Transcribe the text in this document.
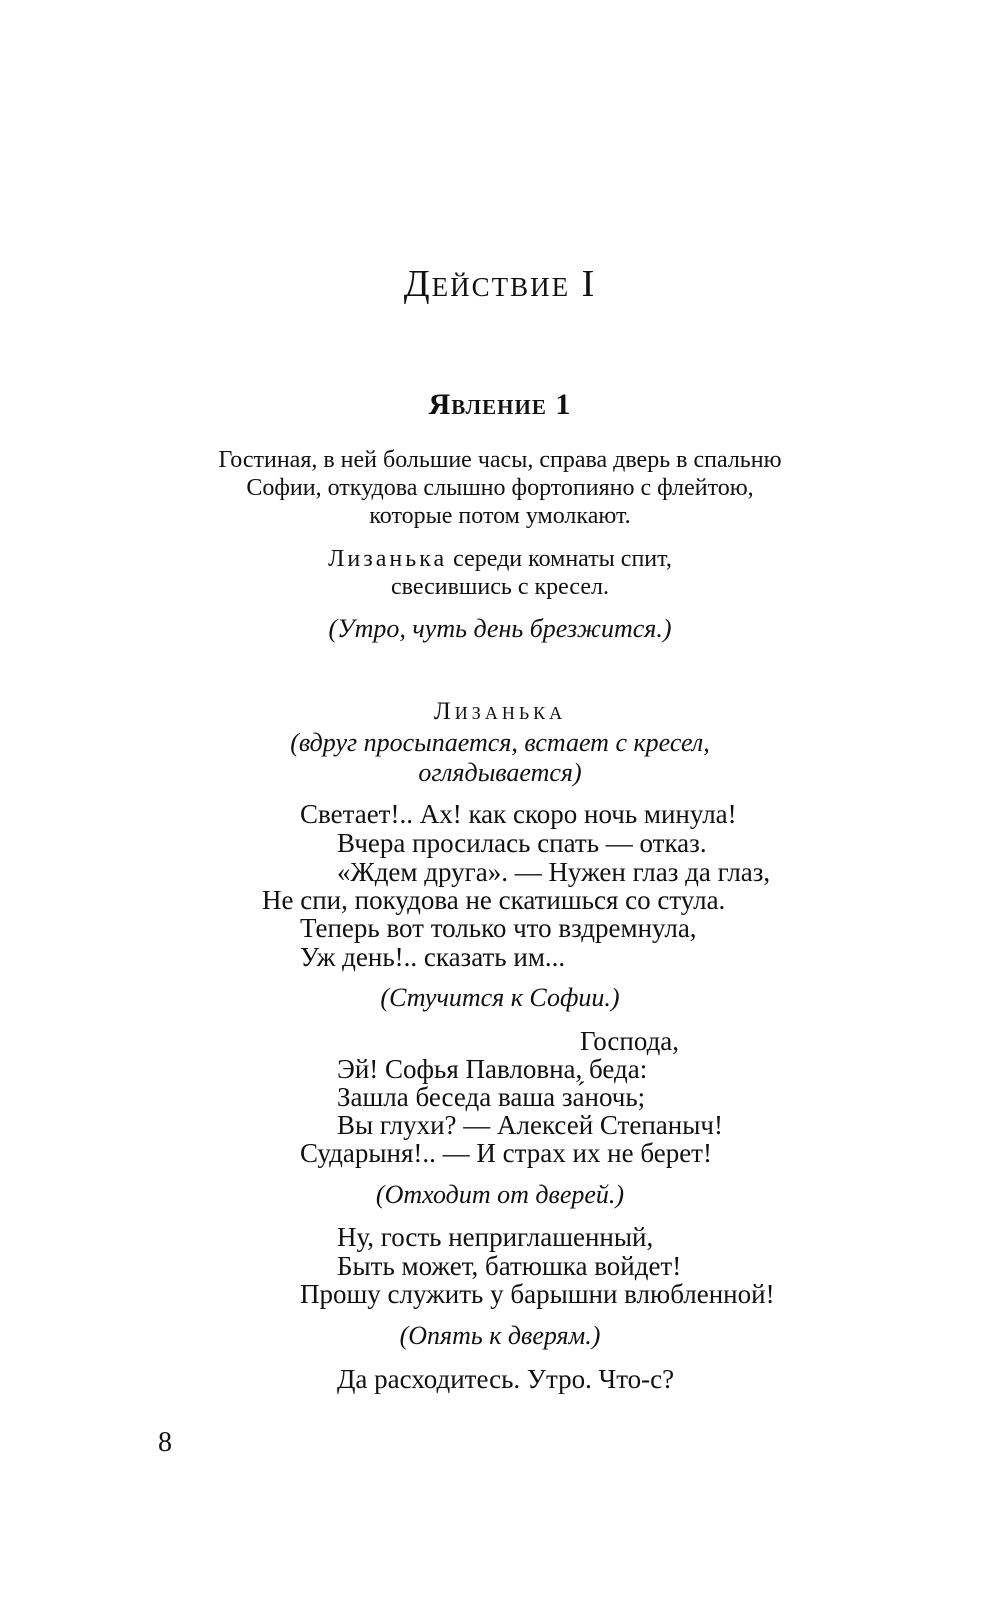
Действие I
Явление 1
Гостиная, в ней большие часы, справа дверь в спальню
Софии, откудова слышно фортопияно с флейтою,
которые потом умолкают.
Лизанька середи комнаты спит,
свесившись с кресел.
(Утро, чуть день брезжится.)
Лизанька
(вдруг просыпается, встает с кресел,
оглядывается)
Светает!.. Ах! как скоро ночь минула!
Вчера просилась спать — отказ.
«Ждем друга». — Нужен глаз да глаз,
Не спи, покудова не скатишься со стула.
Теперь вот только что вздремнула,
Уж день!.. сказать им...
(Стучится к Софии.)
Господа,
Эй! Софья Павловна, беда:
Зашла беседа ваша за́ночь;
Вы глухи? — Алексей Степаныч!
Сударыня!.. — И страх их не берет!
(Отходит от дверей.)
Ну, гость неприглашенный,
Быть может, батюшка войдет!
Прошу служить у барышни влюбленной!
(Опять к дверям.)
Да расходитесь. Утро. Что-с?
8
